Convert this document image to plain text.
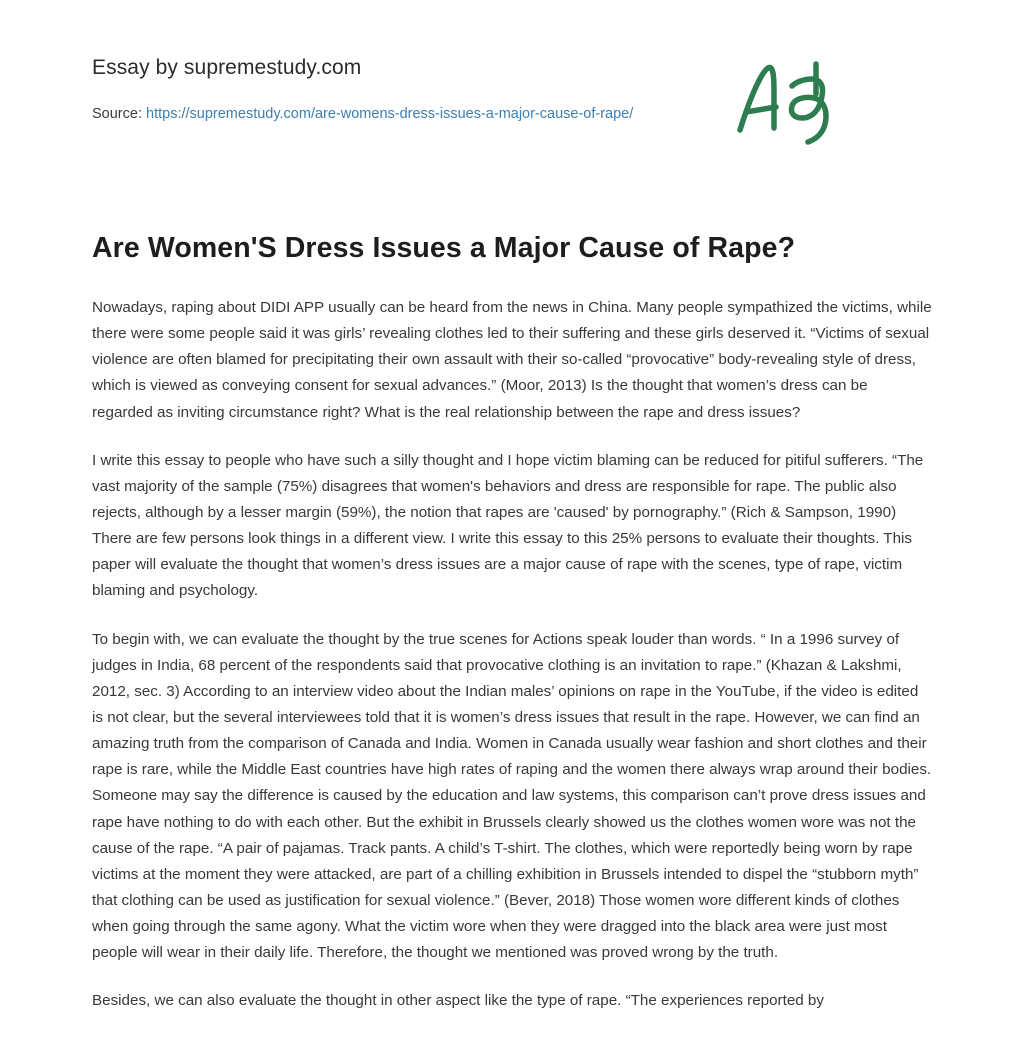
Essay by supremestudy.com
Source: https://supremestudy.com/are-womens-dress-issues-a-major-cause-of-rape/
Are Women'S Dress Issues a Major Cause of Rape?

Nowadays, raping about DIDI APP usually can be heard from the news in China. Many people sympathized the victims, while there were some people said it was girls’ revealing clothes led to their suffering and these girls deserved it. “Victims of sexual violence are often blamed for precipitating their own assault with their so-called “provocative” body-revealing style of dress, which is viewed as conveying consent for sexual advances.” (Moor, 2013) Is the thought that women’s dress can be regarded as inviting circumstance right? What is the real relationship between the rape and dress issues?

I write this essay to people who have such a silly thought and I hope victim blaming can be reduced for pitiful sufferers. “The vast majority of the sample (75%) disagrees that women's behaviors and dress are responsible for rape. The public also rejects, although by a lesser margin (59%), the notion that rapes are 'caused' by pornography.” (Rich & Sampson, 1990) There are few persons look things in a different view. I write this essay to this 25% persons to evaluate their thoughts. This paper will evaluate the thought that women’s dress issues are a major cause of rape with the scenes, type of rape, victim blaming and psychology.

To begin with, we can evaluate the thought by the true scenes for Actions speak louder than words. “ In a 1996 survey of judges in India, 68 percent of the respondents said that provocative clothing is an invitation to rape.” (Khazan & Lakshmi, 2012, sec. 3) According to an interview video about the Indian males’ opinions on rape in the YouTube, if the video is edited is not clear, but the several interviewees told that it is women’s dress issues that result in the rape. However, we can find an amazing truth from the comparison of Canada and India. Women in Canada usually wear fashion and short clothes and their rape is rare, while the Middle East countries have high rates of raping and the women there always wrap around their bodies. Someone may say the difference is caused by the education and law systems, this comparison can’t prove dress issues and rape have nothing to do with each other. But the exhibit in Brussels clearly showed us the clothes women wore was not the cause of the rape. “A pair of pajamas. Track pants. A child’s T-shirt. The clothes, which were reportedly being worn by rape victims at the moment they were attacked, are part of a chilling exhibition in Brussels intended to dispel the “stubborn myth” that clothing can be used as justification for sexual violence.” (Bever, 2018) Those women wore different kinds of clothes when going through the same agony. What the victim wore when they were dragged into the black area were just most people will wear in their daily life. Therefore, the thought we mentioned was proved wrong by the truth.

Besides, we can also evaluate the thought in other aspect like the type of rape. “The experiences reported by
